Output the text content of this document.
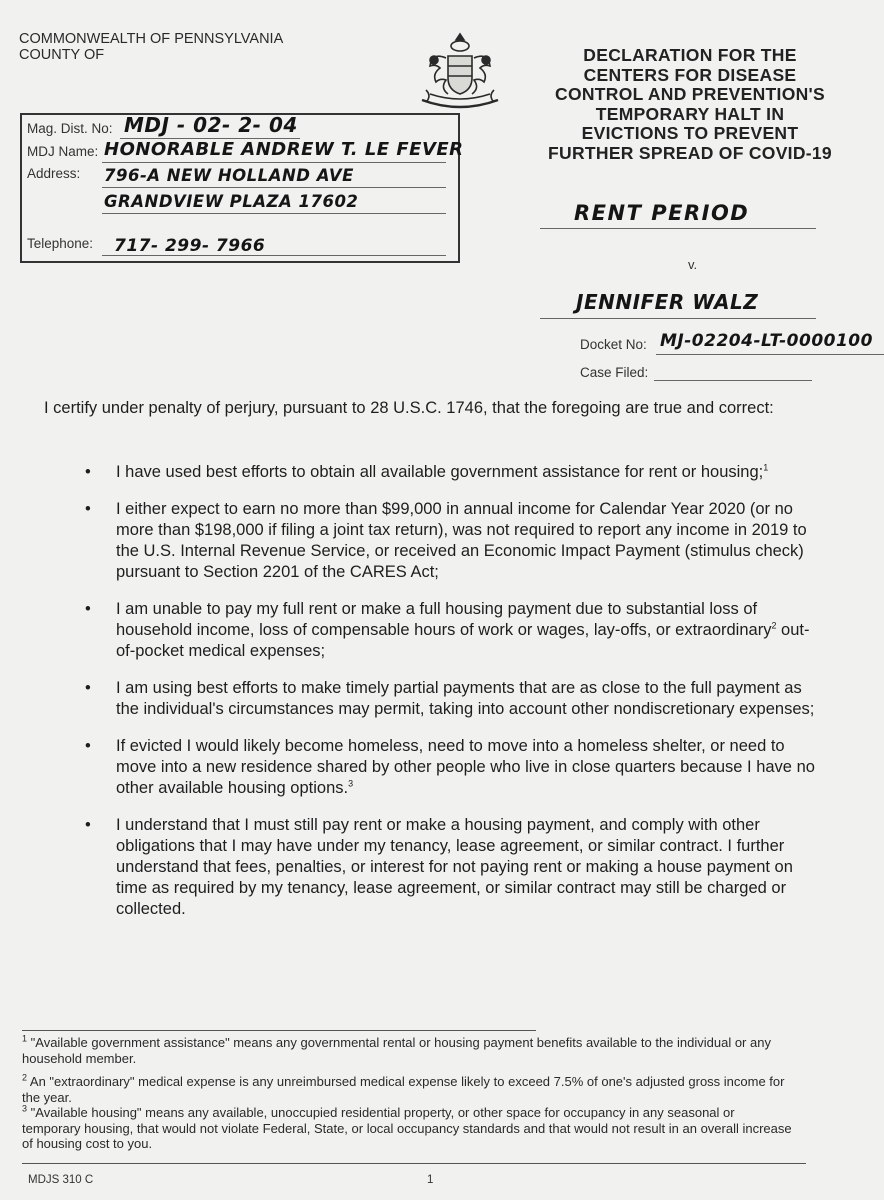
COMMONWEALTH OF PENNSYLVANIA
COUNTY OF	DECLARATION FOR THE
CENTERS FOR DISEASE
CONTROL AND PREVENTION'S
TEMPORARY HALT IN
EVICTIONS TO PREVENT
FURTHER SPREAD OF COVID-19
Mag. Dist. No: MDJ - 02- 2- 04
MDJ Name: HONORABLE ANDREW T. LE FEVER
Address: 796-A NEW HOLLAND AVE
GRANDVIEW PLAZA 17602
Telephone: 717- 299- 7966
RENT PERIOD
v.
JENNIFER WALZ
Docket No: MJ-02204-LT-0000100
Case Filed:
I certify under penalty of perjury, pursuant to 28 U.S.C. 1746, that the foregoing are true and correct:
• I have used best efforts to obtain all available government assistance for rent or housing;$^1$
• I either expect to earn no more than $99,000 in annual income for Calendar Year 2020 (or no more than $198,000 if filing a joint tax return), was not required to report any income in 2019 to the U.S. Internal Revenue Service, or received an Economic Impact Payment (stimulus check) pursuant to Section 2201 of the CARES Act;
• I am unable to pay my full rent or make a full housing payment due to substantial loss of household income, loss of compensable hours of work or wages, lay-offs, or extraordinary$^2$ out-of-pocket medical expenses;
• I am using best efforts to make timely partial payments that are as close to the full payment as the individual's circumstances may permit, taking into account other nondiscretionary expenses;
• If evicted I would likely become homeless, need to move into a homeless shelter, or need to move into a new residence shared by other people who live in close quarters because I have no other available housing options.$^3$
• I understand that I must still pay rent or make a housing payment, and comply with other obligations that I may have under my tenancy, lease agreement, or similar contract. I further understand that fees, penalties, or interest for not paying rent or making a house payment on time as required by my tenancy, lease agreement, or similar contract may still be charged or collected.
$^1$ "Available government assistance" means any governmental rental or housing payment benefits available to the individual or any household member.
$^2$ An "extraordinary" medical expense is any unreimbursed medical expense likely to exceed 7.5% of one's adjusted gross income for the year.
$^3$ "Available housing" means any available, unoccupied residential property, or other space for occupancy in any seasonal or temporary housing, that would not violate Federal, State, or local occupancy standards and that would not result in an overall increase of housing cost to you.
MDJS 310 C	1
